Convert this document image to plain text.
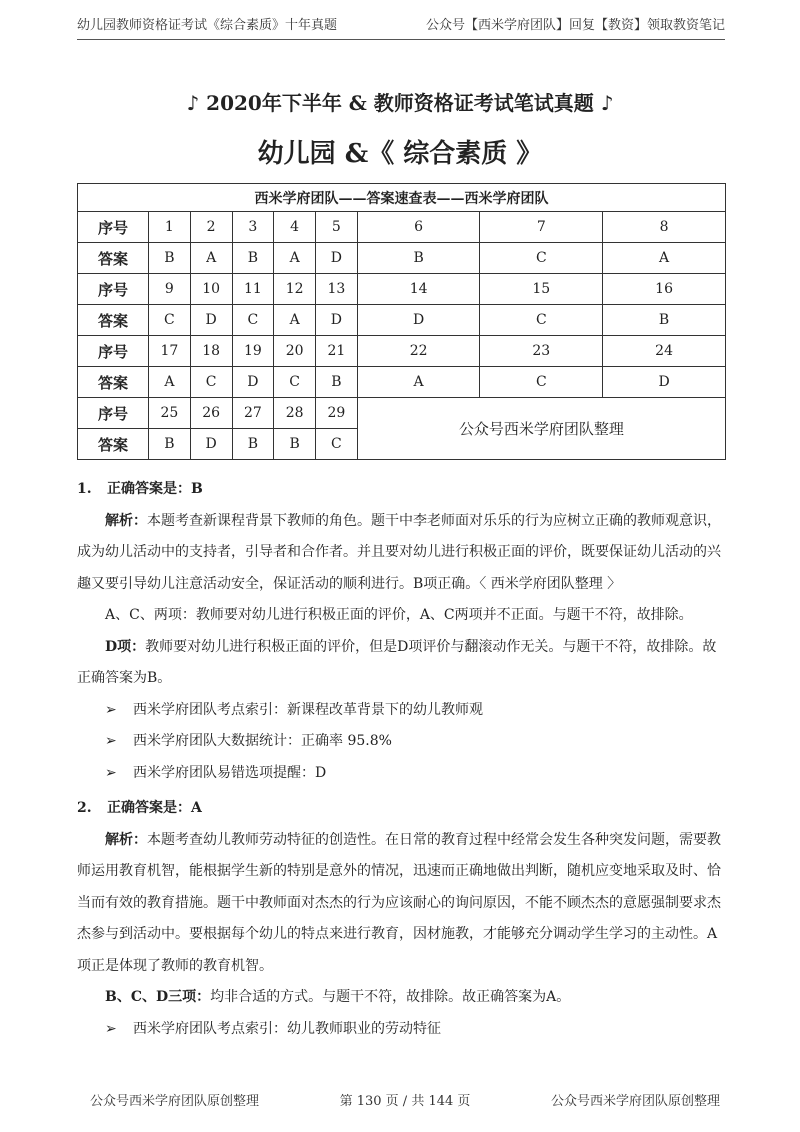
幼儿园教师资格证考试《综合素质》十年真题	公众号【西米学府团队】回复【教资】领取教资笔记
♪ 2020年下半年 & 教师资格证考试笔试真题 ♪
幼儿园 &《 综合素质 》
西米学府团队——答案速查表——西米学府团队								
序号	1	2	3	4	5	6	7	8
答案	B	A	B	A	D	B	C	A
序号	9	10	11	12	13	14	15	16
答案	C	D	C	A	D	D	C	B
序号	17	18	19	20	21	22	23	24
答案	A	C	D	C	B	A	C	D
序号	25	26	27	28	29	公众号西米学府团队整理		
答案	B	D	B	B	C			

1. 正确答案是：B

解析：本题考查新课程背景下教师的角色。题干中李老师面对乐乐的行为应树立正确的教师观意识，成为幼儿活动中的支持者，引导者和合作者。并且要对幼儿进行积极正面的评价，既要保证幼儿活动的兴趣又要引导幼儿注意活动安全，保证活动的顺利进行。B项正确。〈 西米学府团队整理 〉

A、C、两项：教师要对幼儿进行积极正面的评价，A、C两项并不正面。与题干不符，故排除。

D项：教师要对幼儿进行积极正面的评价，但是D项评价与翻滚动作无关。与题干不符，故排除。故正确答案为B。

➢ 西米学府团队考点索引：新课程改革背景下的幼儿教师观

➢ 西米学府团队大数据统计：正确率 95.8%

➢ 西米学府团队易错选项提醒：D

2. 正确答案是：A

解析：本题考查幼儿教师劳动特征的创造性。在日常的教育过程中经常会发生各种突发问题，需要教师运用教育机智，能根据学生新的特别是意外的情况，迅速而正确地做出判断，随机应变地采取及时、恰当而有效的教育措施。题干中教师面对杰杰的行为应该耐心的询问原因，不能不顾杰杰的意愿强制要求杰杰参与到活动中。要根据每个幼儿的特点来进行教育，因材施教，才能够充分调动学生学习的主动性。A项正是体现了教师的教育机智。

B、C、D三项：均非合适的方式。与题干不符，故排除。故正确答案为A。

➢ 西米学府团队考点索引：幼儿教师职业的劳动特征

公众号西米学府团队原创整理	第 130 页 / 共 144 页	公众号西米学府团队原创整理
